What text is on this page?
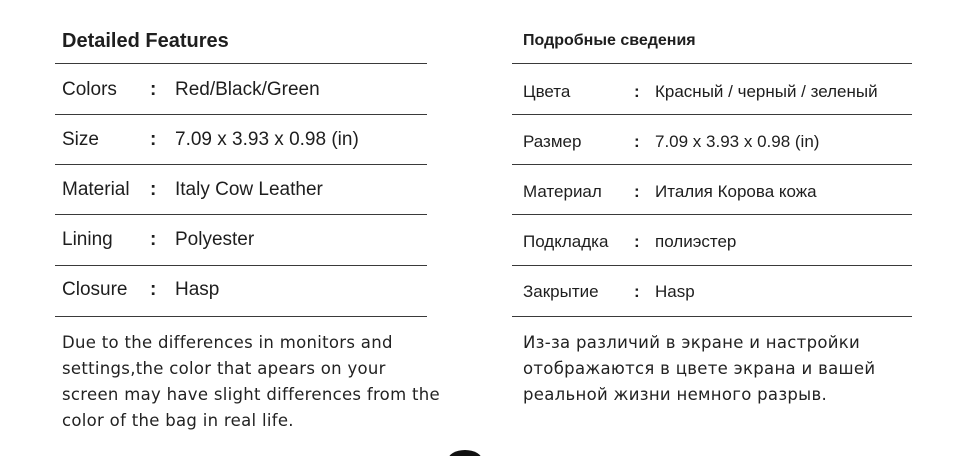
Detailed Features
Colors : Red/Black/Green
Size	: 7.09 x 3.93 x 0.98 (in)
Material : Italy Cow Leather
Lining : Polyester
Closure : Hasp

Due to the differences in monitors and
settings,the color that apears on your
screen may have slight differences from the
color of the bag in real life.

Подробные сведения
Цвета	: Красный / черный / зеленый
Размер	: 7.09 x 3.93 x 0.98 (in)
Материал : Италия Корова кожа
Подкладка : полиэстер
Закрытие : Hasp

Из-за различий в экране и настройки
отображаются в цвете экрана и вашей
реальной жизни немного разрыв.
